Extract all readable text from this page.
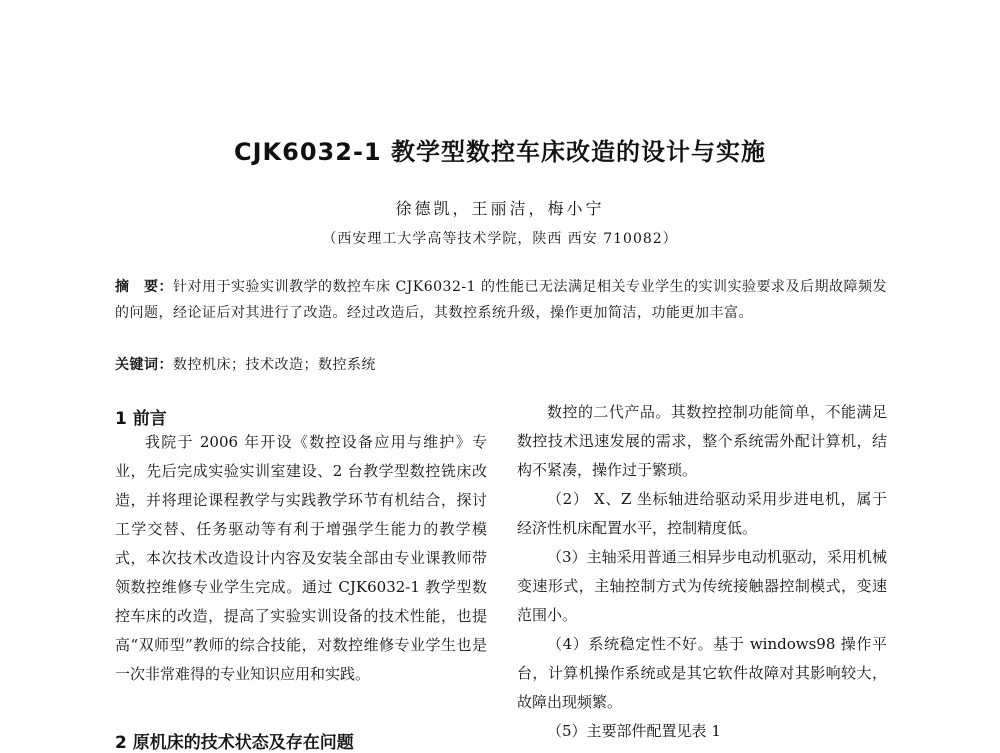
CJK6032-1 教学型数控车床改造的设计与实施
徐德凯，王丽洁，梅小宁
（西安理工大学高等技术学院，陕西 西安 710082）
摘　要：针对用于实验实训教学的数控车床 CJK6032-1 的性能已无法满足相关专业学生的实训实验要求及后期故障频发的问题，经论证后对其进行了改造。经过改造后，其数控系统升级，操作更加简洁，功能更加丰富。
关键词：数控机床；技术改造；数控系统
1 前言

我院于 2006 年开设《数控设备应用与维护》专业，先后完成实验实训室建设、2 台教学型数控铣床改造，并将理论课程教学与实践教学环节有机结合，探讨工学交替、任务驱动等有利于增强学生能力的教学模式，本次技术改造设计内容及安装全部由专业课教师带领数控维修专业学生完成。通过 CJK6032-1 教学型数控车床的改造，提高了实验实训设备的技术性能，也提高“双师型”教师的综合技能，对数控维修专业学生也是一次非常难得的专业知识应用和实践。

2 原机床的技术状态及存在问题

数控的二代产品。其数控控制功能简单，不能满足数控技术迅速发展的需求，整个系统需外配计算机，结构不紧凑，操作过于繁琐。

（2） X、Z 坐标轴进给驱动采用步进电机，属于经济性机床配置水平，控制精度低。

（3）主轴采用普通三相异步电动机驱动，采用机械变速形式，主轴控制方式为传统接触器控制模式，变速范围小。

（4）系统稳定性不好。基于 windows98 操作平台，计算机操作系统或是其它软件故障对其影响较大，故障出现频繁。

（5）主要部件配置见表 1
